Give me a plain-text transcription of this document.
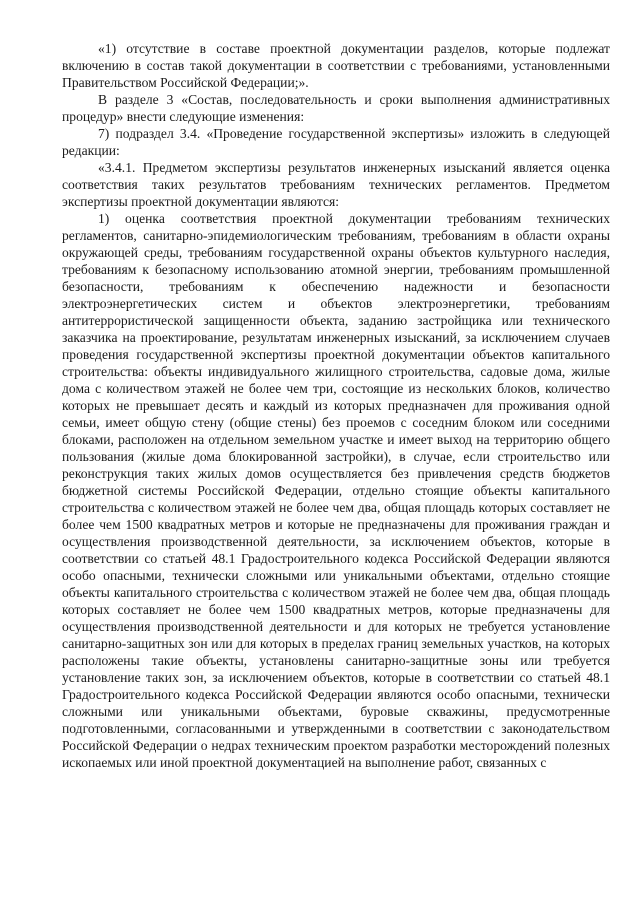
«1) отсутствие в составе проектной документации разделов, которые подлежат включению в состав такой документации в соответствии с требованиями, установленными Правительством Российской Федерации;».

В разделе 3 «Состав, последовательность и сроки выполнения административных процедур» внести следующие изменения:

7) подраздел 3.4. «Проведение государственной экспертизы» изложить в следующей редакции:

«3.4.1. Предметом экспертизы результатов инженерных изысканий является оценка соответствия таких результатов требованиям технических регламентов. Предметом экспертизы проектной документации являются:

1) оценка соответствия проектной документации требованиям технических регламентов, санитарно-эпидемиологическим требованиям, требованиям в области охраны окружающей среды, требованиям государственной охраны объектов культурного наследия, требованиям к безопасному использованию атомной энергии, требованиям промышленной безопасности, требованиям к обеспечению надежности и безопасности электроэнергетических систем и объектов электроэнергетики, требованиям антитеррористической защищенности объекта, заданию застройщика или технического заказчика на проектирование, результатам инженерных изысканий, за исключением случаев проведения государственной экспертизы проектной документации объектов капитального строительства: объекты индивидуального жилищного строительства, садовые дома, жилые дома с количеством этажей не более чем три, состоящие из нескольких блоков, количество которых не превышает десять и каждый из которых предназначен для проживания одной семьи, имеет общую стену (общие стены) без проемов с соседним блоком или соседними блоками, расположен на отдельном земельном участке и имеет выход на территорию общего пользования (жилые дома блокированной застройки), в случае, если строительство или реконструкция таких жилых домов осуществляется без привлечения средств бюджетов бюджетной системы Российской Федерации, отдельно стоящие объекты капитального строительства с количеством этажей не более чем два, общая площадь которых составляет не более чем 1500 квадратных метров и которые не предназначены для проживания граждан и осуществления производственной деятельности, за исключением объектов, которые в соответствии со статьей 48.1 Градостроительного кодекса Российской Федерации являются особо опасными, технически сложными или уникальными объектами, отдельно стоящие объекты капитального строительства с количеством этажей не более чем два, общая площадь которых составляет не более чем 1500 квадратных метров, которые предназначены для осуществления производственной деятельности и для которых не требуется установление санитарно-защитных зон или для которых в пределах границ земельных участков, на которых расположены такие объекты, установлены санитарно-защитные зоны или требуется установление таких зон, за исключением объектов, которые в соответствии со статьей 48.1 Градостроительного кодекса Российской Федерации являются особо опасными, технически сложными или уникальными объектами, буровые скважины, предусмотренные подготовленными, согласованными и утвержденными в соответствии с законодательством Российской Федерации о недрах техническим проектом разработки месторождений полезных ископаемых или иной проектной документацией на выполнение работ, связанных с
